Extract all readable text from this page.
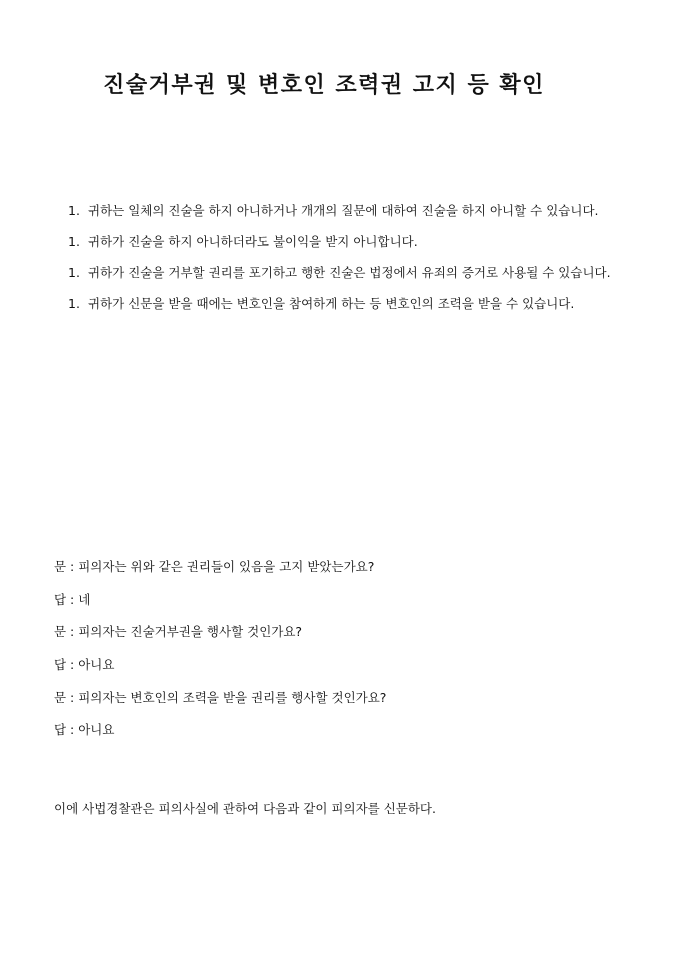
진술거부권 및 변호인 조력권 고지 등 확인
1. 귀하는 일체의 진술을 하지 아니하거나 개개의 질문에 대하여 진술을 하지 아니할 수 있습니다.
1. 귀하가 진술을 하지 아니하더라도 불이익을 받지 아니합니다.
1. 귀하가 진술을 거부할 권리를 포기하고 행한 진술은 법정에서 유죄의 증거로 사용될 수 있습니다.
1. 귀하가 신문을 받을 때에는 변호인을 참여하게 하는 등 변호인의 조력을 받을 수 있습니다.
문 : 피의자는 위와 같은 권리들이 있음을 고지 받았는가요?
답 : 네
문 : 피의자는 진술거부권을 행사할 것인가요?
답 : 아니요
문 : 피의자는 변호인의 조력을 받을 권리를 행사할 것인가요?
답 : 아니요

이에 사법경찰관은 피의사실에 관하여 다음과 같이 피의자를 신문하다.
